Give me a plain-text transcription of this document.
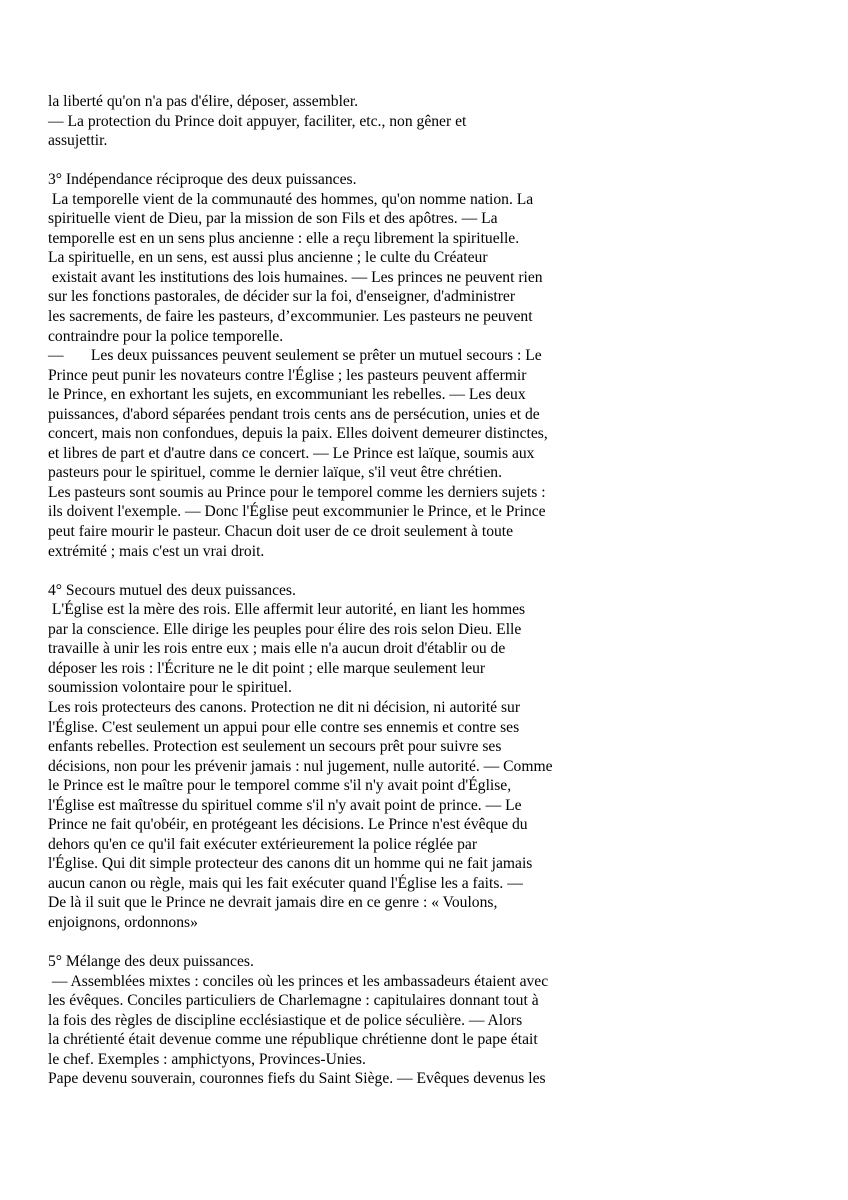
la liberté qu'on n'a pas d'élire, déposer, assembler.
— La protection du Prince doit appuyer, faciliter, etc., non gêner et
assujettir.
3° Indépendance réciproque des deux puissances.
La temporelle vient de la communauté des hommes, qu'on nomme nation. La
spirituelle vient de Dieu, par la mission de son Fils et des apôtres. — La
temporelle est en un sens plus ancienne : elle a reçu librement la spirituelle.
La spirituelle, en un sens, est aussi plus ancienne ; le culte du Créateur
existait avant les institutions des lois humaines. — Les princes ne peuvent rien
sur les fonctions pastorales, de décider sur la foi, d'enseigner, d'administrer
les sacrements, de faire les pasteurs, d’excommunier. Les pasteurs ne peuvent
contraindre pour la police temporelle.
—       Les deux puissances peuvent seulement se prêter un mutuel secours : Le
Prince peut punir les novateurs contre l'Église ; les pasteurs peuvent affermir
le Prince, en exhortant les sujets, en excommuniant les rebelles. — Les deux
puissances, d'abord séparées pendant trois cents ans de persécution, unies et de
concert, mais non confondues, depuis la paix. Elles doivent demeurer distinctes,
et libres de part et d'autre dans ce concert. — Le Prince est laïque, soumis aux
pasteurs pour le spirituel, comme le dernier laïque, s'il veut être chrétien.
Les pasteurs sont soumis au Prince pour le temporel comme les derniers sujets :
ils doivent l'exemple. — Donc l'Église peut excommunier le Prince, et le Prince
peut faire mourir le pasteur. Chacun doit user de ce droit seulement à toute
extrémité ; mais c'est un vrai droit.
4° Secours mutuel des deux puissances.
L'Église est la mère des rois. Elle affermit leur autorité, en liant les hommes
par la conscience. Elle dirige les peuples pour élire des rois selon Dieu. Elle
travaille à unir les rois entre eux ; mais elle n'a aucun droit d'établir ou de
déposer les rois : l'Écriture ne le dit point ; elle marque seulement leur
soumission volontaire pour le spirituel.
Les rois protecteurs des canons. Protection ne dit ni décision, ni autorité sur
l'Église. C'est seulement un appui pour elle contre ses ennemis et contre ses
enfants rebelles. Protection est seulement un secours prêt pour suivre ses
décisions, non pour les prévenir jamais : nul jugement, nulle autorité. — Comme
le Prince est le maître pour le temporel comme s'il n'y avait point d'Église,
l'Église est maîtresse du spirituel comme s'il n'y avait point de prince. — Le
Prince ne fait qu'obéir, en protégeant les décisions. Le Prince n'est évêque du
dehors qu'en ce qu'il fait exécuter extérieurement la police réglée par
l'Église. Qui dit simple protecteur des canons dit un homme qui ne fait jamais
aucun canon ou règle, mais qui les fait exécuter quand l'Église les a faits. —
De là il suit que le Prince ne devrait jamais dire en ce genre : « Voulons,
enjoignons, ordonnons»
5° Mélange des deux puissances.
— Assemblées mixtes : conciles où les princes et les ambassadeurs étaient avec
les évêques. Conciles particuliers de Charlemagne : capitulaires donnant tout à
la fois des règles de discipline ecclésiastique et de police séculière. — Alors
la chrétienté était devenue comme une république chrétienne dont le pape était
le chef. Exemples : amphictyons, Provinces-Unies.
Pape devenu souverain, couronnes fiefs du Saint Siège. — Evêques devenus les
